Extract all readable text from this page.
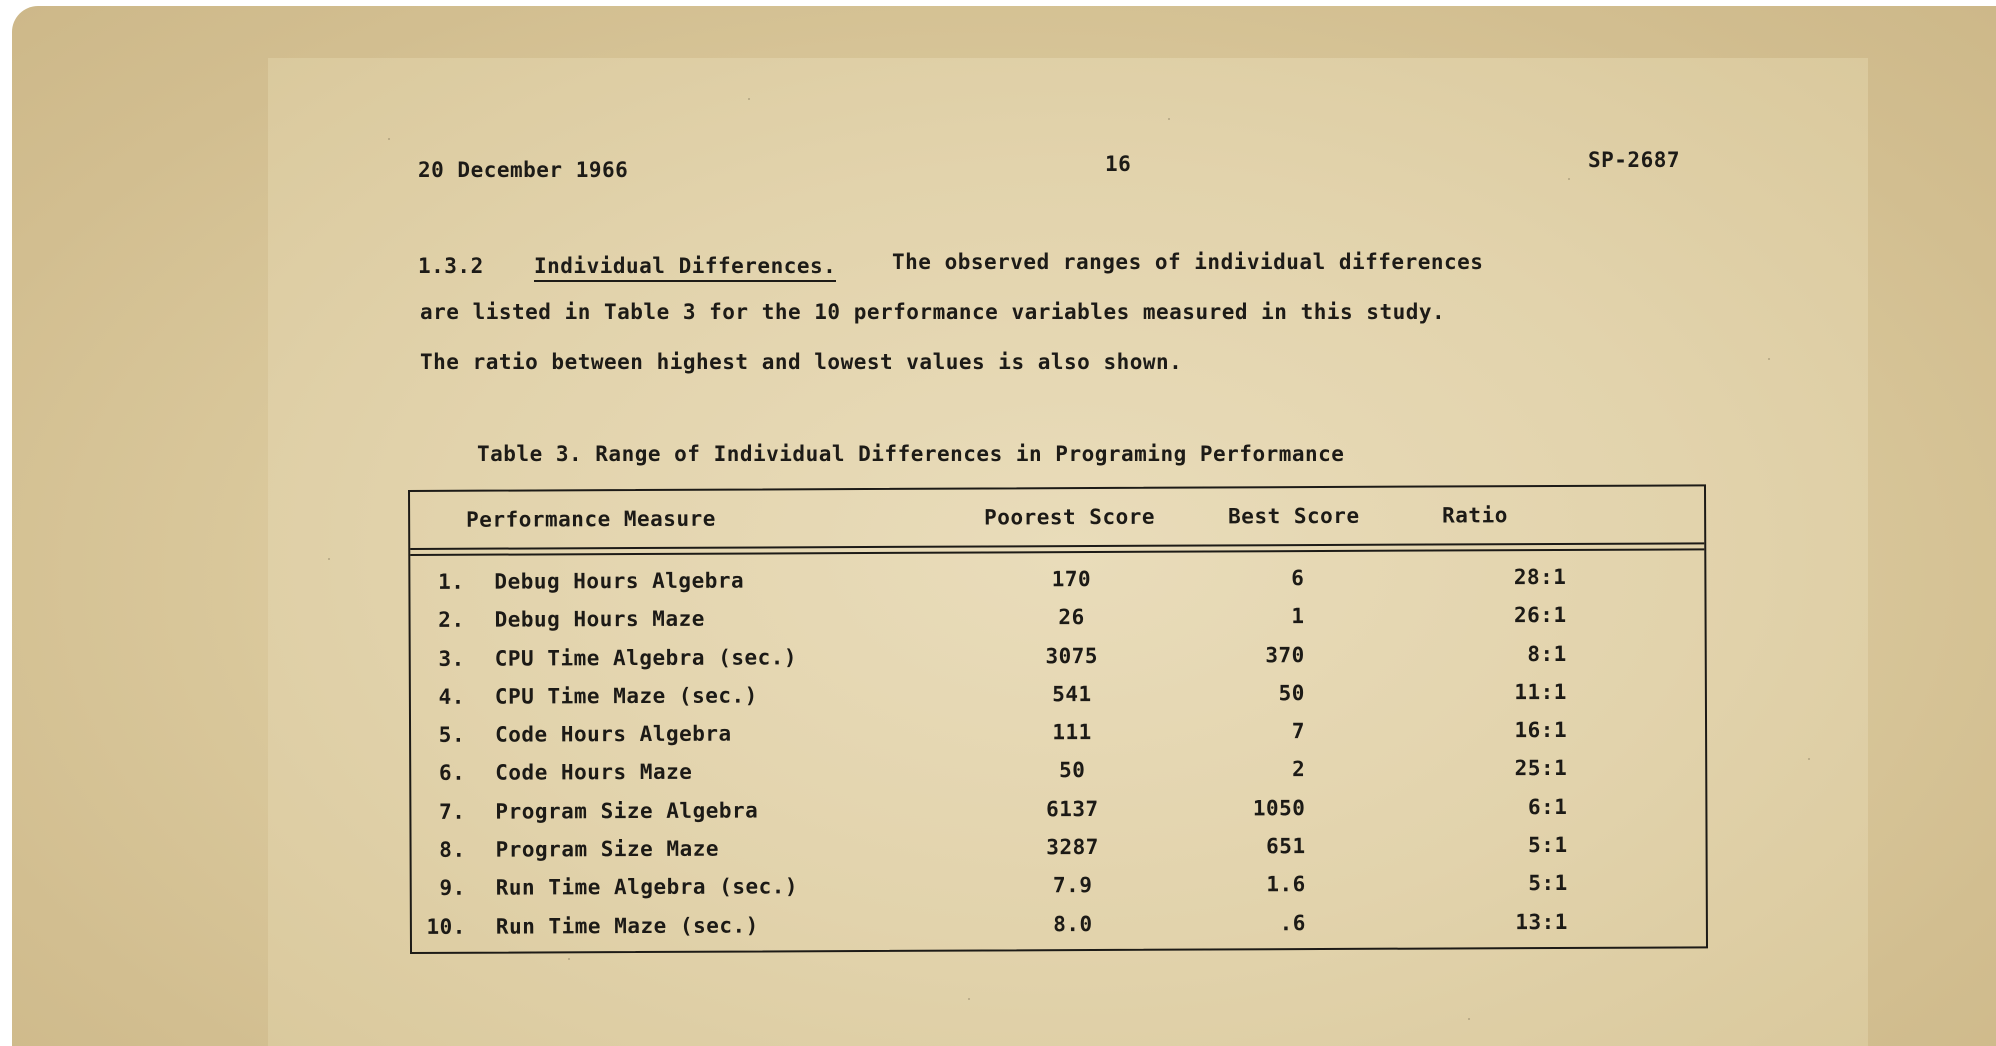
20 December 1966	16	SP-2687
1.3.2 Individual Differences.	The observed ranges of individual differences
are listed in Table 3 for the 10 performance variables measured in this study.
The ratio between highest and lowest values is also shown.
Table 3. Range of Individual Differences in Programing Performance
Performance Measure	Poorest Score	Best Score	Ratio
1. Debug Hours Algebra	170	6	28:1
2. Debug Hours Maze	26	1	26:1
3. CPU Time Algebra (sec.)	3075	370	8:1
4. CPU Time Maze (sec.)	541	50	11:1
5. Code Hours Algebra	111	7	16:1
6. Code Hours Maze	50	2	25:1
7. Program Size Algebra	6137	1050	6:1
8. Program Size Maze	3287	651	5:1
9. Run Time Algebra (sec.)	7.9	1.6	5:1
10. Run Time Maze (sec.)	8.0	.6	13:1
